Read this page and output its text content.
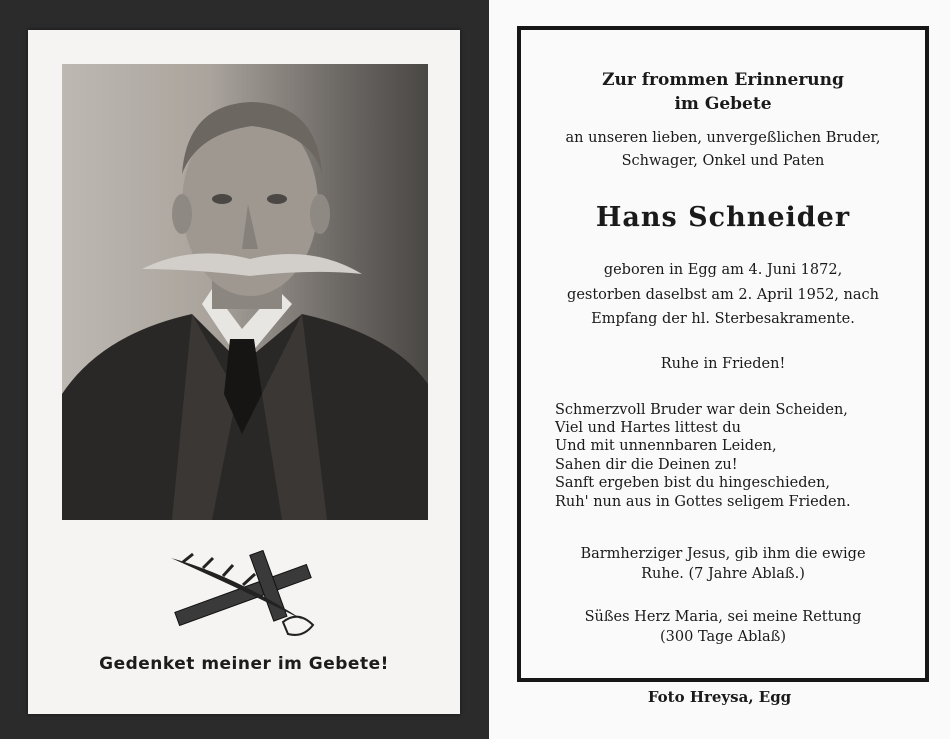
Gedenket meiner im Gebete!
Zur frommen Erinnerung
im Gebete
an unseren lieben, unvergeßlichen Bruder,
Schwager, Onkel und Paten
Hans Schneider
geboren in Egg am 4. Juni 1872,
gestorben daselbst am 2. April 1952, nach
Empfang der hl. Sterbesakramente.
Ruhe in Frieden!
Schmerzvoll Bruder war dein Scheiden,
Viel und Hartes littest du
Und mit unnennbaren Leiden,
Sahen dir die Deinen zu!
Sanft ergeben bist du hingeschieden,
Ruh' nun aus in Gottes seligem Frieden.
Barmherziger Jesus, gib ihm die ewige
Ruhe. (7 Jahre Ablaß.)
Süßes Herz Maria, sei meine Rettung
(300 Tage Ablaß)
Foto Hreysa, Egg
